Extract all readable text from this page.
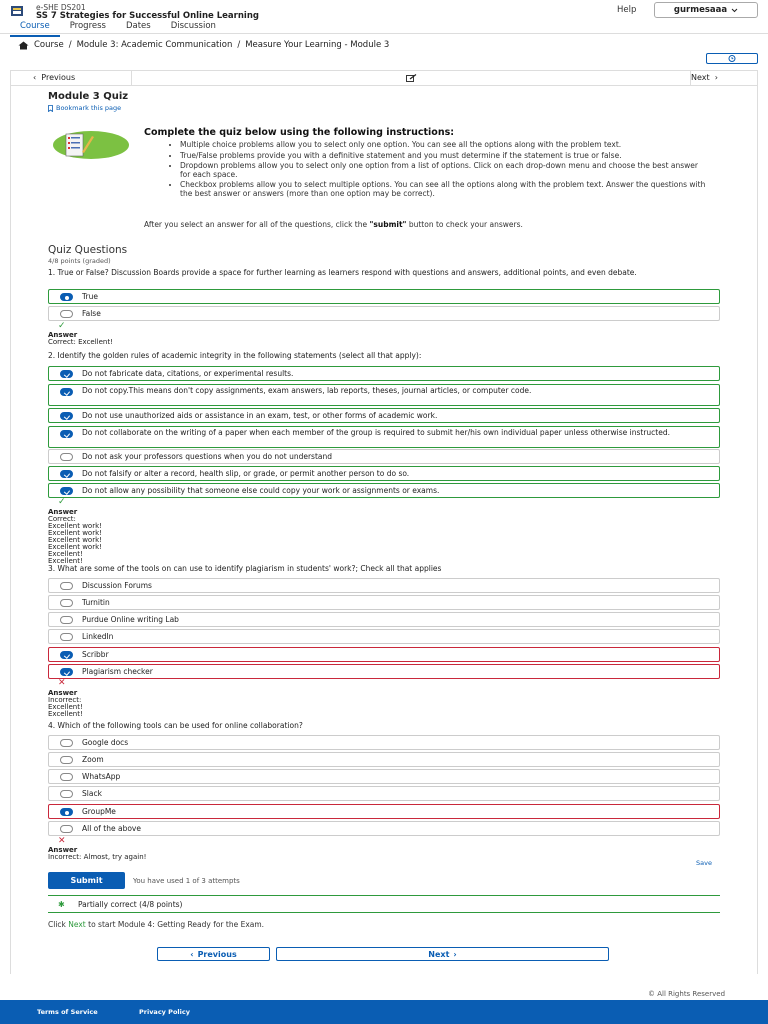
e-SHE DS201
SS 7 Strategies for Successful Online Learning
Help	gurmesaaa
Course	Progress	Dates	Discussion
Course / Module 3: Academic Communication / Measure Your Learning - Module 3
‹  Previous	Next  ›
Module 3 Quiz
Bookmark this page
Complete the quiz below using the following instructions:
• Multiple choice problems allow you to select only one option. You can see all the options along with the problem text.
• True/False problems provide you with a definitive statement and you must determine if the statement is true or false.
• Dropdown problems allow you to select only one option from a list of options. Click on each drop-down menu and choose the best answer for each space.
• Checkbox problems allow you to select multiple options. You can see all the options along with the problem text. Answer the questions with the best answer or answers (more than one option may be correct).
After you select an answer for all of the questions, click the "submit" button to check your answers.
Quiz Questions
4/8 points (graded)
1. True or False? Discussion Boards provide a space for further learning as learners respond with questions and answers, additional points, and even debate.
True
False
✓
Answer
Correct: Excellent!
2. Identify the golden rules of academic integrity in the following statements (select all that apply):
Do not fabricate data, citations, or experimental results.
Do not copy.This means don't copy assignments, exam answers, lab reports, theses, journal articles, or computer code.
Do not use unauthorized aids or assistance in an exam, test, or other forms of academic work.
Do not collaborate on the writing of a paper when each member of the group is required to submit her/his own individual paper unless otherwise instructed.
Do not ask your professors questions when you do not understand
Do not falsify or alter a record, health slip, or grade, or permit another person to do so.
Do not allow any possibility that someone else could copy your work or assignments or exams.
✓
Answer
Correct:
Excellent work!
Excellent work!
Excellent work!
Excellent work!
Excellent!
Excellent!
3. What are some of the tools on can use to identify plagiarism in students' work?; Check all that applies
Discussion Forums
Turnitin
Purdue Online writing Lab
LinkedIn
Scribbr
Plagiarism checker
✕
Answer
Incorrect:
Excellent!
Excellent!
4. Which of the following tools can be used for online collaboration?
Google docs
Zoom
WhatsApp
Slack
GroupMe
All of the above
✕
Answer
Incorrect: Almost, try again!
Save
Submit	You have used 1 of 3 attempts
✱ Partially correct (4/8 points)
Click Next to start Module 4: Getting Ready for the Exam.
‹ Previous	Next ›
© All Rights Reserved
Terms of Service	Privacy Policy
